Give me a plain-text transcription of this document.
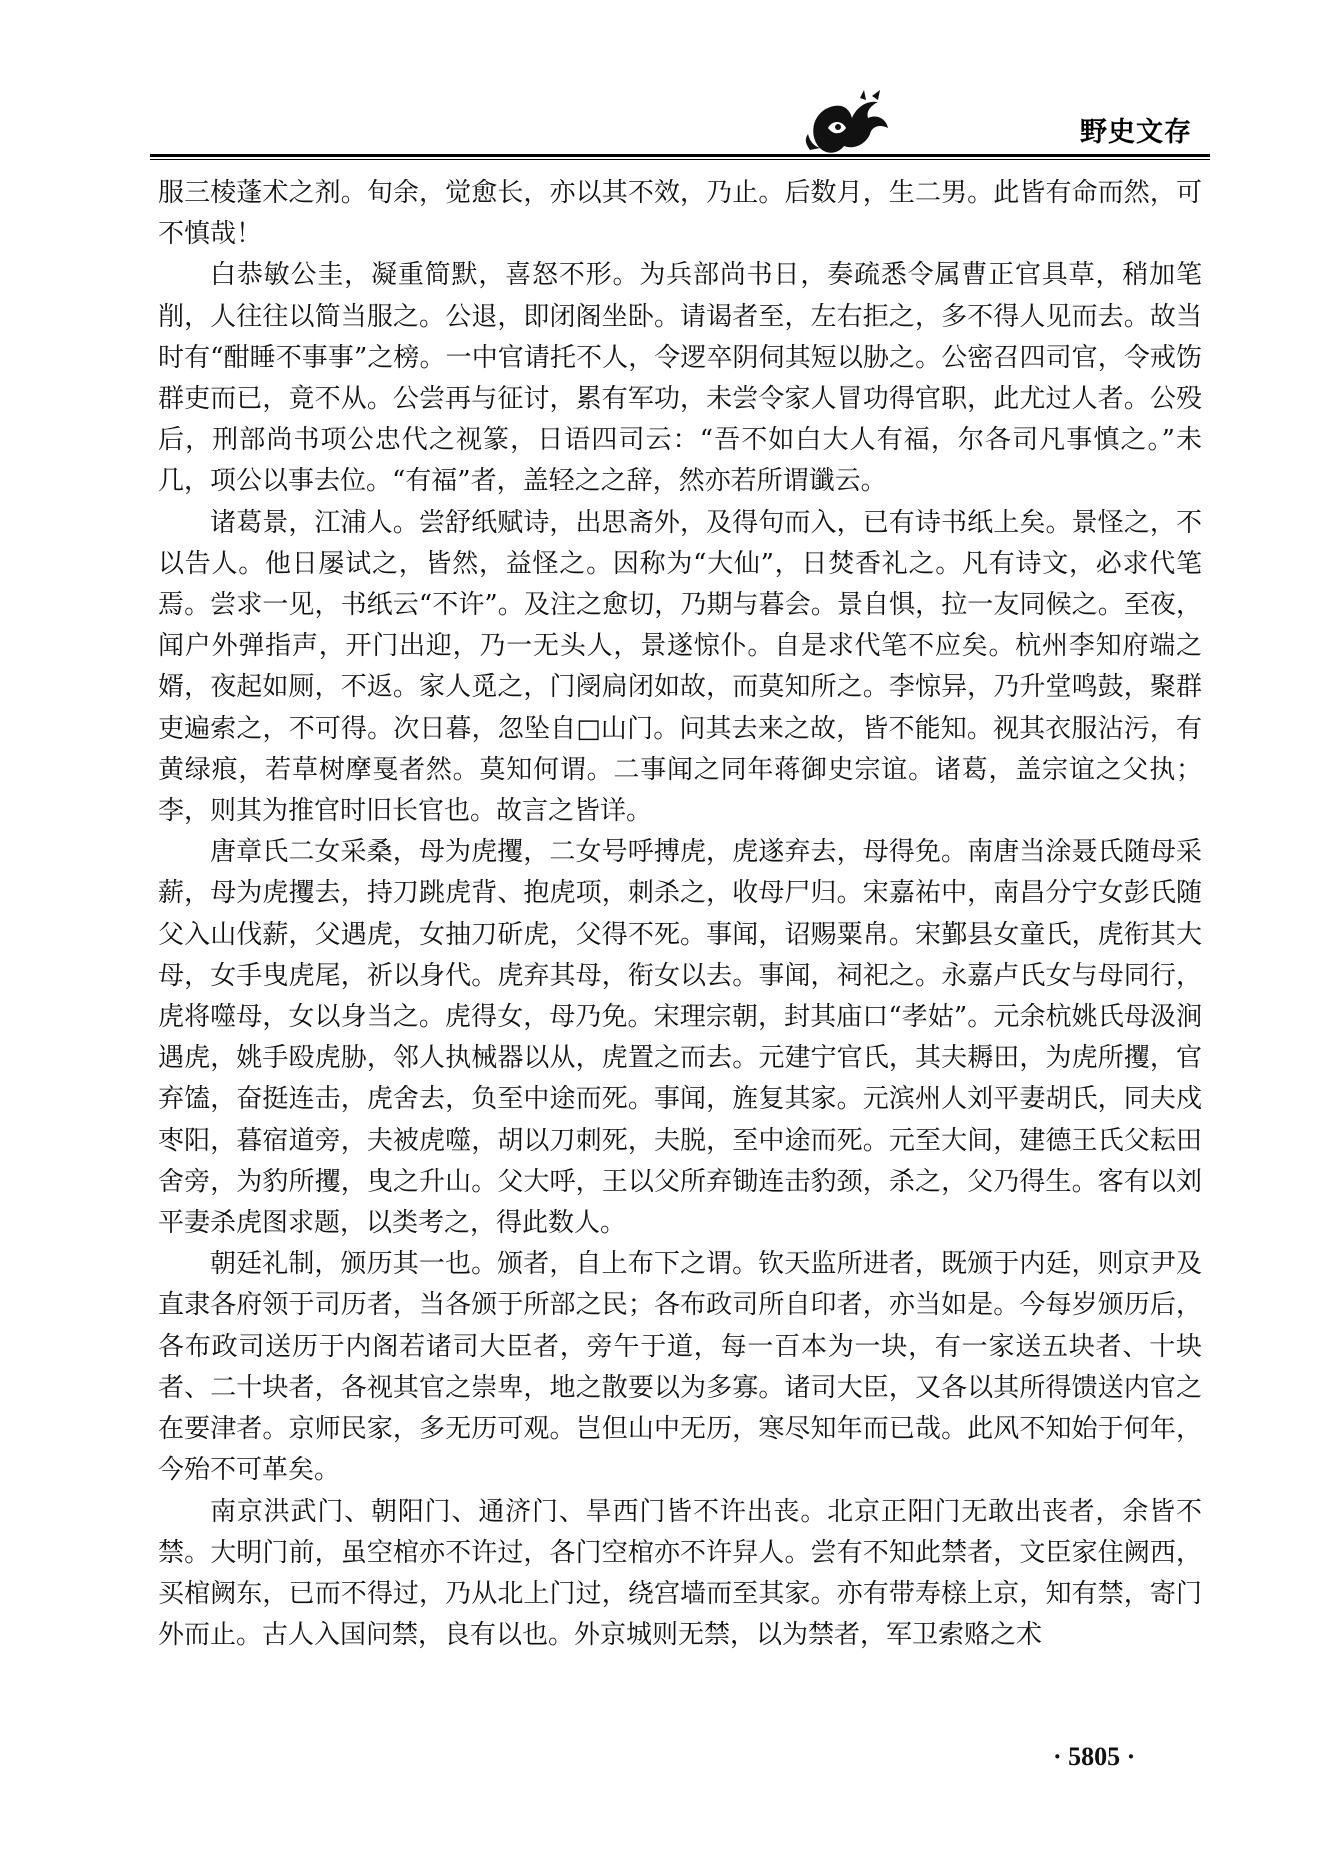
野史文存

服三棱蓬术之剂。旬余，觉愈长，亦以其不效，乃止。后数月，生二男。此皆有命而然，可不慎哉！

白恭敏公圭，凝重简默，喜怒不形。为兵部尚书日，奏疏悉令属曹正官具草，稍加笔削，人往往以简当服之。公退，即闭阁坐卧。请谒者至，左右拒之，多不得人见而去。故当时有“酣睡不事事”之榜。一中官请托不人，令逻卒阴伺其短以胁之。公密召四司官，令戒饬群吏而已，竟不从。公尝再与征讨，累有军功，未尝令家人冒功得官职，此尤过人者。公殁后，刑部尚书项公忠代之视篆，日语四司云：“吾不如白大人有福，尔各司凡事慎之。”未几，项公以事去位。“有福”者，盖轻之之辞，然亦若所谓谶云。

诸葛景，江浦人。尝舒纸赋诗，出思斋外，及得句而入，已有诗书纸上矣。景怪之，不以告人。他日屡试之，皆然，益怪之。因称为“大仙”，日焚香礼之。凡有诗文，必求代笔焉。尝求一见，书纸云“不许”。及注之愈切，乃期与暮会。景自惧，拉一友同候之。至夜，闻户外弹指声，开门出迎，乃一无头人，景遂惊仆。自是求代笔不应矣。杭州李知府端之婿，夜起如厕，不返。家人觅之，门阌扃闭如故，而莫知所之。李惊异，乃升堂鸣鼓，聚群吏遍索之，不可得。次日暮，忽坠自□山门。问其去来之故，皆不能知。视其衣服沾污，有黄绿痕，若草树摩戛者然。莫知何谓。二事闻之同年蒋御史宗谊。诸葛，盖宗谊之父执；李，则其为推官时旧长官也。故言之皆详。

唐章氏二女采桑，母为虎攫，二女号呼搏虎，虎遂弃去，母得免。南唐当涂聂氏随母采薪，母为虎攫去，持刀跳虎背、抱虎项，刺杀之，收母尸归。宋嘉祐中，南昌分宁女彭氏随父入山伐薪，父遇虎，女抽刀斫虎，父得不死。事闻，诏赐粟帛。宋鄞县女童氏，虎衔其大母，女手曳虎尾，祈以身代。虎弃其母，衔女以去。事闻，祠祀之。永嘉卢氏女与母同行，虎将噬母，女以身当之。虎得女，母乃免。宋理宗朝，封其庙口“孝姑”。元余杭姚氏母汲涧遇虎，姚手殴虎胁，邻人执械器以从，虎置之而去。元建宁官氏，其夫耨田，为虎所攫，官弃馌，奋挺连击，虎舍去，负至中途而死。事闻，旌复其家。元滨州人刘平妻胡氏，同夫戍枣阳，暮宿道旁，夫被虎噬，胡以刀刺死，夫脱，至中途而死。元至大间，建德王氏父耘田舍旁，为豹所攫，曳之升山。父大呼，王以父所弃锄连击豹颈，杀之，父乃得生。客有以刘平妻杀虎图求题，以类考之，得此数人。

朝廷礼制，颁历其一也。颁者，自上布下之谓。钦天监所进者，既颁于内廷，则京尹及直隶各府领于司历者，当各颁于所部之民；各布政司所自印者，亦当如是。今每岁颁历后，各布政司送历于内阁若诸司大臣者，旁午于道，每一百本为一块，有一家送五块者、十块者、二十块者，各视其官之崇卑，地之散要以为多寡。诸司大臣，又各以其所得馈送内官之在要津者。京师民家，多无历可观。岂但山中无历，寒尽知年而已哉。此风不知始于何年，今殆不可革矣。

南京洪武门、朝阳门、通济门、旱西门皆不许出丧。北京正阳门无敢出丧者，余皆不禁。大明门前，虽空棺亦不许过，各门空棺亦不许舁人。尝有不知此禁者，文臣家住阙西，买棺阙东，已而不得过，乃从北上门过，绕宫墙而至其家。亦有带寿榇上京，知有禁，寄门外而止。古人入国问禁，良有以也。外京城则无禁，以为禁者，军卫索赂之术

· 5805 ·
